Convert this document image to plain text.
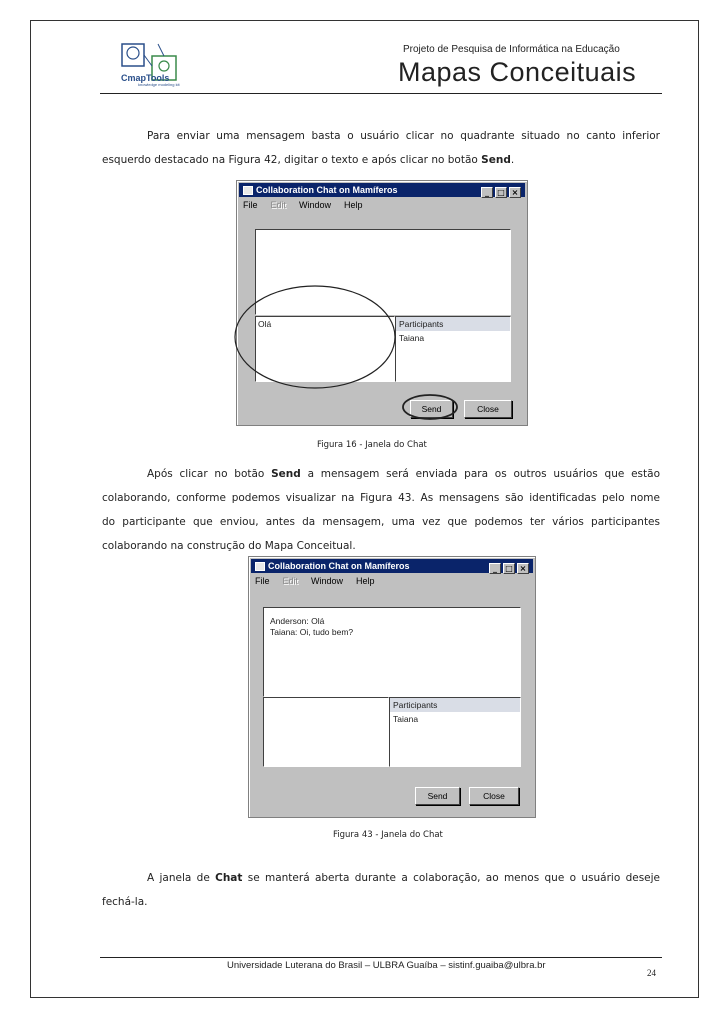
CmapTools
knowledge modeling kit
Projeto de Pesquisa de Informática na Educação
Mapas Conceituais
Para enviar uma mensagem basta o usuário clicar no quadrante situado no canto inferior
esquerdo destacado na Figura 42, digitar o texto e após clicar no botão Send.
Collaboration Chat on Mamíferos	_	□ ×
File Edit Window Help
Olá	Participants
Taiana
Send	Close
Figura 16 - Janela do Chat
Após clicar no botão Send a mensagem será enviada para os outros usuários que estão
colaborando, conforme podemos visualizar na Figura 43. As mensagens são identificadas pelo nome
do participante que enviou, antes da mensagem, uma vez que podemos ter vários participantes
colaborando na construção do Mapa Conceitual.
Collaboration Chat on Mamíferos	_	□ ×
File Edit Window Help
Anderson: Olá
Taiana: Oi, tudo bem?
Participants
Taiana
Send	Close
Figura 43 - Janela do Chat
A janela de Chat se manterá aberta durante a colaboração, ao menos que o usuário deseje
fechá-la.
Universidade Luterana do Brasil – ULBRA Guaíba – sistinf.guaiba@ulbra.br
24
